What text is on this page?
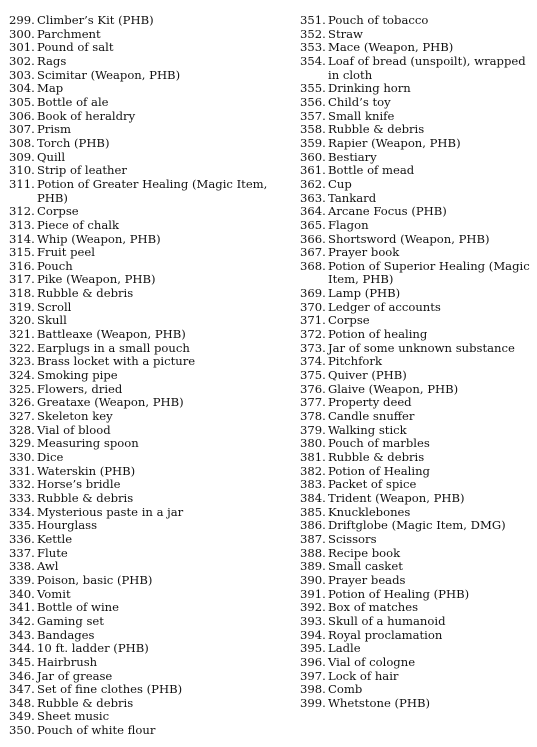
299. Climber’s Kit (PHB)
300. Parchment
301. Pound of salt
302. Rags
303. Scimitar (Weapon, PHB)
304. Map
305. Bottle of ale
306. Book of heraldry
307. Prism
308. Torch (PHB)
309. Quill
310. Strip of leather
311. Potion of Greater Healing (Magic Item, PHB)
312. Corpse
313. Piece of chalk
314. Whip (Weapon, PHB)
315. Fruit peel
316. Pouch
317. Pike (Weapon, PHB)
318. Rubble & debris
319. Scroll
320. Skull
321. Battleaxe (Weapon, PHB)
322. Earplugs in a small pouch
323. Brass locket with a picture
324. Smoking pipe
325. Flowers, dried
326. Greataxe (Weapon, PHB)
327. Skeleton key
328. Vial of blood
329. Measuring spoon
330. Dice
331. Waterskin (PHB)
332. Horse’s bridle
333. Rubble & debris
334. Mysterious paste in a jar
335. Hourglass
336. Kettle
337. Flute
338. Awl
339. Poison, basic (PHB)
340. Vomit
341. Bottle of wine
342. Gaming set
343. Bandages
344. 10 ft. ladder (PHB)
345. Hairbrush
346. Jar of grease
347. Set of fine clothes (PHB)
348. Rubble & debris
349. Sheet music
350. Pouch of white flour
351. Pouch of tobacco
352. Straw
353. Mace (Weapon, PHB)
354. Loaf of bread (unspoilt), wrapped in cloth
355. Drinking horn
356. Child’s toy
357. Small knife
358. Rubble & debris
359. Rapier (Weapon, PHB)
360. Bestiary
361. Bottle of mead
362. Cup
363. Tankard
364. Arcane Focus (PHB)
365. Flagon
366. Shortsword (Weapon, PHB)
367. Prayer book
368. Potion of Superior Healing (Magic Item, PHB)
369. Lamp (PHB)
370. Ledger of accounts
371. Corpse
372. Potion of healing
373. Jar of some unknown substance
374. Pitchfork
375. Quiver (PHB)
376. Glaive (Weapon, PHB)
377. Property deed
378. Candle snuffer
379. Walking stick
380. Pouch of marbles
381. Rubble & debris
382. Potion of Healing
383. Packet of spice
384. Trident (Weapon, PHB)
385. Knucklebones
386. Driftglobe (Magic Item, DMG)
387. Scissors
388. Recipe book
389. Small casket
390. Prayer beads
391. Potion of Healing (PHB)
392. Box of matches
393. Skull of a humanoid
394. Royal proclamation
395. Ladle
396. Vial of cologne
397. Lock of hair
398. Comb
399. Whetstone (PHB)
